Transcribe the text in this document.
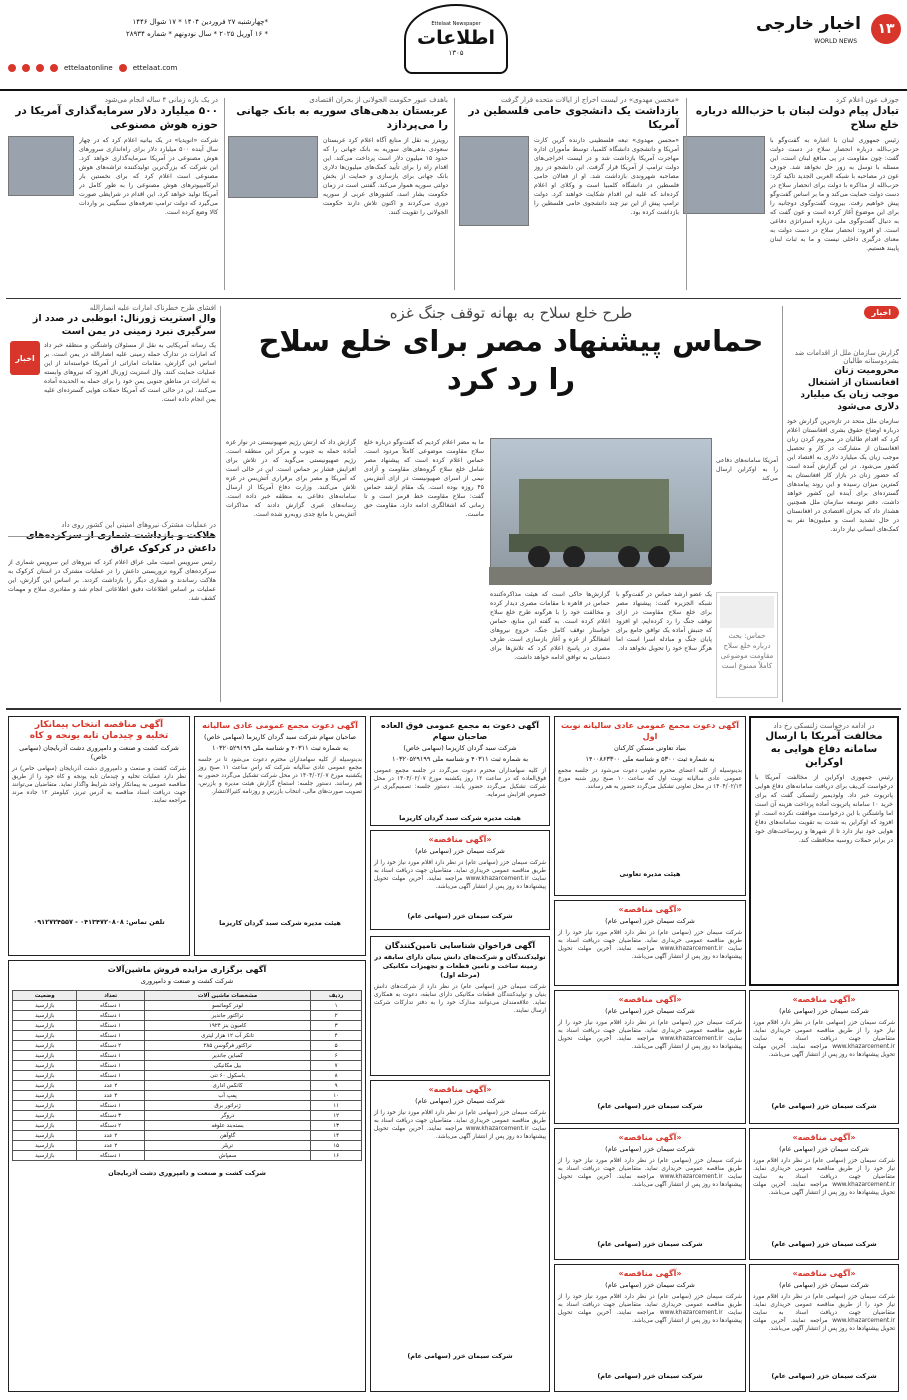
۱۳
اخبار خارجی
WORLD NEWS
Ettelaat Newspaper
اطلاعات
۱۳۰۵
*چهارشنبه ۲۷ فروردین ۱۴۰۴ * ۱۷ شوال ۱۴۴۶
* ۱۶ آوریل ۲۰۲۵ * سال نودونهم * شماره ۲۸۹۳۴
ettelaatonline	ettelaat.com
جوزف عون اعلام کرد
تبادل پیام دولت لبنان با حزب‌الله درباره خلع سلاح
رئیس جمهوری لبنان با اشاره به گفت‌وگو با حزب‌الله درباره انحصار سلاح در دست دولت گفت: چون مقاومت در پی منافع لبنان است، این مسئله با توسل به زور حل نخواهد شد. جوزف عون در مصاحبه با شبکه العربی الجدید تاکید کرد: حزب‌الله از مذاکره با دولت برای انحصار سلاح در دست دولت حمایت می‌کند و ما بر اساس گفت‌وگو پیش خواهیم رفت. بیروت گفت‌وگوی دوجانبه را برای این موضوع آغاز کرده است و عون گفت که به دنبال گفت‌وگوی ملی درباره استراتژی دفاعی است. او افزود: انحصار سلاح در دست دولت به معنای درگیری داخلی نیست و ما به ثبات لبنان پایبند هستیم.
«محسن مهدوی» در لیست اخراج از ایالات متحده قرار گرفت
بازداشت یک دانشجوی حامی فلسطین در آمریکا
«محسن مهدوی» تبعه فلسطینی دارنده گرین کارت آمریکا و دانشجوی دانشگاه کلمبیا، توسط مأموران اداره مهاجرت آمریکا بازداشت شد و در لیست اخراجی‌های دولت ترامپ از آمریکا قرار گرفت. این دانشجو در روز مصاحبه شهروندی بازداشت شد. او از فعالان حامی فلسطین در دانشگاه کلمبیا است و وکلای او اعلام کرده‌اند که علیه این اقدام شکایت خواهند کرد. دولت ترامپ پیش از این نیز چند دانشجوی حامی فلسطین را بازداشت کرده بود.
باهدف عبور حکومت الجولانی از بحران اقتصادی
عربستان بدهی‌های سوریه به بانک جهانی را می‌پردازد
رویترز به نقل از منابع آگاه اعلام کرد عربستان سعودی بدهی‌های سوریه به بانک جهانی را که حدود ۱۵ میلیون دلار است پرداخت می‌کند. این اقدام راه را برای تأیید کمک‌های میلیون‌ها دلاری بانک جهانی برای بازسازی و حمایت از بخش دولتی سوریه هموار می‌کند. گفتنی است در زمان حکومت بشار اسد، کشورهای عربی از سوریه دوری می‌کردند و اکنون تلاش دارند حکومت الجولانی را تقویت کنند.
در یک بازه زمانی ۴ ساله انجام می‌شود
۵۰۰ میلیارد دلار سرمایه‌گذاری آمریکا در حوزه هوش مصنوعی
شرکت «انویدیا» در یک بیانیه اعلام کرد که در چهار سال آینده ۵۰۰ میلیارد دلار برای راه‌اندازی سرورهای هوش مصنوعی در آمریکا سرمایه‌گذاری خواهد کرد. این شرکت که بزرگ‌ترین تولیدکننده تراشه‌های هوش مصنوعی است اعلام کرد که برای نخستین بار ابرکامپیوترهای هوش مصنوعی را به طور کامل در آمریکا تولید خواهد کرد. این اقدام در شرایطی صورت می‌گیرد که دولت ترامپ تعرفه‌های سنگینی بر واردات کالا وضع کرده است.
اخبار
گزارش سازمان ملل از اقدامات ضد بشردوستانه طالبان
محرومیت زنان افغانستان از اشتغال موجب زیان یک میلیارد دلاری می‌شود
سازمان ملل متحد در تازه‌ترین گزارش خود درباره اوضاع حقوق بشری افغانستان اعلام کرد که اقدام طالبان در محروم کردن زنان افغانستان از مشارکت در کار و تحصیل موجب زیان یک میلیارد دلاری به اقتصاد این کشور می‌شود. در این گزارش آمده است که حضور زنان در بازار کار افغانستان به کمترین میزان رسیده و این روند پیامدهای گسترده‌ای برای آینده این کشور خواهد داشت. دفتر توسعه سازمان ملل همچنین هشدار داد که بحران اقتصادی در افغانستان در حال تشدید است و میلیون‌ها نفر به کمک‌های انسانی نیاز دارند.
طرح خلع سلاح به بهانه توقف جنگ غزه
حماس پیشنهاد مصر برای خلع سلاح
را رد کرد
آمریکا سامانه‌های دفاعی را به اوکراین ارسال می‌کند
گزارش داد که ارتش رژیم صهیونیستی در نوار غزه آماده حمله به جنوب و مرکز این منطقه است. رژیم صهیونیستی می‌گوید که در تلاش برای افزایش فشار بر حماس است. این در حالی است که آمریکا و مصر برای برقراری آتش‌بس در غزه تلاش می‌کنند. وزارت دفاع آمریکا از ارسال سامانه‌های دفاعی به منطقه خبر داده است. رسانه‌های عبری گزارش دادند که مذاکرات آتش‌بس با مانع جدی روبه‌رو شده است.
ما به مصر اعلام کردیم که گفت‌وگو درباره خلع سلاح مقاومت موضوعی کاملاً مردود است. حماس اعلام کرده است که پیشنهاد مصر شامل خلع سلاح گروه‌های مقاومت و آزادی نیمی از اسرای صهیونیست در ازای آتش‌بس ۴۵ روزه بوده است. یک مقام ارشد حماس گفت: سلاح مقاومت خط قرمز است و تا زمانی که اشغالگری ادامه دارد، مقاومت حق ماست.
گزارش‌ها حاکی است که هیئت مذاکره‌کننده حماس در قاهره با مقامات مصری دیدار کرده و مخالفت خود را با هرگونه طرح خلع سلاح اعلام کرده است. به گفته این منابع، حماس خواستار توقف کامل جنگ، خروج نیروهای اشغالگر از غزه و آغاز بازسازی است. طرف مصری در پاسخ اعلام کرد که تلاش‌ها برای دستیابی به توافق ادامه خواهد داشت.
یک عضو ارشد حماس در گفت‌وگو با شبکه الجزیره گفت: پیشنهاد مصر برای خلع سلاح مقاومت در ازای توقف جنگ را رد کرده‌ایم. او افزود که جنبش آماده یک توافق جامع برای پایان جنگ و مبادله اسرا است اما هرگز سلاح خود را تحویل نخواهد داد.
حماس: بحث درباره خلع سلاح مقاومت موضوعی کاملاً ممنوع است
افشای طرح خطرناک امارات علیه انصارالله
وال استریت ژورنال: ابوظبی در صدد از سرگیری نبرد زمینی در یمن است
یک رسانه آمریکایی به نقل از مسئولان واشنگتن و منطقه خبر داد که امارات در تدارک حمله زمینی علیه انصارالله در یمن است. بر اساس این گزارش، مقامات اماراتی از آمریکا خواسته‌اند از این عملیات حمایت کنند. وال استریت ژورنال افزود که نیروهای وابسته به امارات در مناطق جنوبی یمن خود را برای حمله به الحدیده آماده می‌کنند. این در حالی است که آمریکا حملات هوایی گسترده‌ای علیه یمن انجام داده است.
اخبار
در عملیات مشترک نیروهای امنیتی این کشور روی داد
داعش در کرکوک عراق
رئیس سرویس امنیت ملی عراق اعلام کرد که نیروهای این سرویس شماری از سرکرده‌های گروه تروریستی داعش را در عملیات مشترک در استان کرکوک به هلاکت رساندند و شماری دیگر را بازداشت کردند. بر اساس این گزارش، این عملیات بر اساس اطلاعات دقیق اطلاعاتی انجام شد و مقادیری سلاح و مهمات کشف شد.
در ادامه درخواست زلنسکی رخ داد
مخالفت آمریکا با ارسال سامانه دفاع هوایی به اوکراین
رئیس جمهوری اوکراین از مخالفت آمریکا با درخواست کی‌یف برای دریافت سامانه‌های دفاع هوایی پاتریوت خبر داد. ولودیمیر زلنسکی گفت که برای خرید ۱۰ سامانه پاتریوت آماده پرداخت هزینه آن است اما واشنگتن با این درخواست موافقت نکرده است. او افزود که اوکراین به شدت به تقویت سامانه‌های دفاع هوایی خود نیاز دارد تا از شهرها و زیرساخت‌های خود در برابر حملات روسیه محافظت کند.
آگهی دعوت مجمع عمومی عادی سالیانه نوبت اول
بنیاد تعاونی مسکن کارکنان
به شماره ثبت ۵۳۰۰ و شناسه ملی ۱۴۰۰۸۶۳۳۰۰
بدینوسیله از کلیه اعضای محترم تعاونی دعوت می‌شود در جلسه مجمع عمومی عادی سالیانه نوبت اول که ساعت ۱۰ صبح روز شنبه مورخ ۱۴۰۴/۰۲/۱۳ در محل تعاونی تشکیل می‌گردد حضور به هم رسانند.
هیئت مدیره تعاونی
آگهی دعوت به مجمع عمومی فوق العاده صاحبان سهام
شرکت سبد گردان کاریزما (سهامی خاص)
به شماره ثبت ۴۰۳۱۱ و شناسه ملی ۱۰۳۲۰۵۲۹۱۹۹
از کلیه سهامداران محترم دعوت می‌گردد در جلسه مجمع عمومی فوق‌العاده که در ساعت ۱۲ روز یکشنبه مورخ ۱۴۰۴/۰۲/۰۷ در محل شرکت تشکیل می‌گردد حضور یابند. دستور جلسه: تصمیم‌گیری در خصوص افزایش سرمایه.
هیئت مدیره شرکت سبد گردان کاریزما
آگهی دعوت مجمع عمومی عادی سالیانه
صاحبان سهام شرکت سبد گردان کاریزما (سهامی خاص)
به شماره ثبت ۴۰۳۱۱ و شناسه ملی ۱۰۳۲۰۵۲۹۱۹۹
بدینوسیله از کلیه سهامداران محترم دعوت می‌شود تا در جلسه مجمع عمومی عادی سالیانه شرکت که راس ساعت ۱۱ صبح روز یکشنبه مورخ ۱۴۰۴/۰۲/۰۷ در محل شرکت تشکیل می‌گردد حضور به هم رسانند. دستور جلسه: استماع گزارش هیئت مدیره و بازرس، تصویب صورت‌های مالی، انتخاب بازرس و روزنامه کثیرالانتشار.
هیئت مدیره شرکت سبد گردان کاریزما
آگهی مناقصه انتخاب پیمانکار
تخلیه و چیدمان تایه یونجه و کاه
شرکت کشت و صنعت و دامپروری دشت آذربایجان (سهامی خاص)
شرکت کشت و صنعت و دامپروری دشت آذربایجان (سهامی خاص) در نظر دارد عملیات تخلیه و چیدمان تایه یونجه و کاه خود را از طریق مناقصه عمومی به پیمانکار واجد شرایط واگذار نماید. متقاضیان می‌توانند جهت دریافت اسناد مناقصه به آدرس تبریز، کیلومتر ۱۲ جاده مرند مراجعه نمایند.
تلفن تماس: ۰۴۱۳۴۷۲۰۸۰۸ - ۰۹۱۲۷۲۴۵۵۷
«آگهی مناقصه»
شرکت سیمان خزر (سهامی عام)
شرکت سیمان خزر (سهامی عام) در نظر دارد اقلام مورد نیاز خود را از طریق مناقصه عمومی خریداری نماید. متقاضیان جهت دریافت اسناد به سایت www.khazarcement.ir مراجعه نمایند. آخرین مهلت تحویل پیشنهادها ده روز پس از انتشار آگهی می‌باشد.
شرکت سیمان خزر (سهامی عام)
«آگهی مناقصه»
شرکت سیمان خزر (سهامی عام)
شرکت سیمان خزر (سهامی عام) در نظر دارد اقلام مورد نیاز خود را از طریق مناقصه عمومی خریداری نماید. متقاضیان جهت دریافت اسناد به سایت www.khazarcement.ir مراجعه نمایند. آخرین مهلت تحویل پیشنهادها ده روز پس از انتشار آگهی می‌باشد.
آگهی برگزاری مزایده فروش ماشین‌آلات
شرکت کشت و صنعت و دامپروری
ردیف	مشخصات ماشین آلات	تعداد	وضعیت
۱	لودر کوماتسو	۱ دستگاه	بازارسید
۲	تراکتور جاندیر	۱ دستگاه	بازارسید
۳	کامیون بنز ۱۹۲۴	۱ دستگاه	بازارسید
۴	تانکر آب ۱۲ هزار لیتری	۱ دستگاه	بازارسید
۵	تراکتور فرگوسن ۲۸۵	۲ دستگاه	بازارسید
۶	کمباین جاندیر	۱ دستگاه	بازارسید
۷	بیل مکانیکی	۱ دستگاه	بازارسید
۸	باسکول ۶۰ تنی	۱ دستگاه	بازارسید
۹	کانکس اداری	۲ عدد	بازارسید
۱۰	پمپ آب	۴ عدد	بازارسید
۱۱	ژنراتور برق	۱ دستگاه	بازارسید
۱۲	دروگر	۳ دستگاه	بازارسید
۱۳	بسته‌بند علوفه	۲ دستگاه	بازارسید
۱۴	گاوآهن	۲ عدد	بازارسید
۱۵	تریلر	۲ عدد	بازارسید
۱۶	سمپاش	۱ دستگاه	بازارسید
شرکت کشت و صنعت و دامپروری دشت آذربایجان
آگهی فراخوان شناسایی تامین‌کنندگان
تولیدکنندگان و شرکت‌های دانش بنیان دارای سابقه در زمینه ساخت و تامین قطعات و تجهیزات مکانیکی (مرحله اول)
شرکت سیمان خزر (سهامی عام) در نظر دارد از شرکت‌های دانش بنیان و تولیدکنندگان قطعات مکانیکی دارای سابقه، دعوت به همکاری نماید. علاقه‌مندان می‌توانند مدارک خود را به دفتر تدارکات شرکت ارسال نمایند.
«آگهی مناقصه»
شرکت سیمان خزر (سهامی عام)
شرکت سیمان خزر (سهامی عام) در نظر دارد اقلام مورد نیاز خود را از طریق مناقصه عمومی خریداری نماید. متقاضیان جهت دریافت اسناد به سایت www.khazarcement.ir مراجعه نمایند. آخرین مهلت تحویل پیشنهادها ده روز پس از انتشار آگهی می‌باشد.
شرکت سیمان خزر (سهامی عام)
«آگهی مناقصه»
شرکت سیمان خزر (سهامی عام)
شرکت سیمان خزر (سهامی عام) در نظر دارد اقلام مورد نیاز خود را از طریق مناقصه عمومی خریداری نماید. متقاضیان جهت دریافت اسناد به سایت www.khazarcement.ir مراجعه نمایند. آخرین مهلت تحویل پیشنهادها ده روز پس از انتشار آگهی می‌باشد.
شرکت سیمان خزر (سهامی عام)
«آگهی مناقصه»
شرکت سیمان خزر (سهامی عام)
شرکت سیمان خزر (سهامی عام) در نظر دارد اقلام مورد نیاز خود را از طریق مناقصه عمومی خریداری نماید. متقاضیان جهت دریافت اسناد به سایت www.khazarcement.ir مراجعه نمایند. آخرین مهلت تحویل پیشنهادها ده روز پس از انتشار آگهی می‌باشد.
شرکت سیمان خزر (سهامی عام)
«آگهی مناقصه»
شرکت سیمان خزر (سهامی عام)
شرکت سیمان خزر (سهامی عام) در نظر دارد اقلام مورد نیاز خود را از طریق مناقصه عمومی خریداری نماید. متقاضیان جهت دریافت اسناد به سایت www.khazarcement.ir مراجعه نمایند. آخرین مهلت تحویل پیشنهادها ده روز پس از انتشار آگهی می‌باشد.
شرکت سیمان خزر (سهامی عام)
«آگهی مناقصه»
شرکت سیمان خزر (سهامی عام)
شرکت سیمان خزر (سهامی عام) در نظر دارد اقلام مورد نیاز خود را از طریق مناقصه عمومی خریداری نماید. متقاضیان جهت دریافت اسناد به سایت www.khazarcement.ir مراجعه نمایند. آخرین مهلت تحویل پیشنهادها ده روز پس از انتشار آگهی می‌باشد.
شرکت سیمان خزر (سهامی عام)
«آگهی مناقصه»
شرکت سیمان خزر (سهامی عام)
شرکت سیمان خزر (سهامی عام) در نظر دارد اقلام مورد نیاز خود را از طریق مناقصه عمومی خریداری نماید. متقاضیان جهت دریافت اسناد به سایت www.khazarcement.ir مراجعه نمایند. آخرین مهلت تحویل پیشنهادها ده روز پس از انتشار آگهی می‌باشد.
شرکت سیمان خزر (سهامی عام)
«آگهی مناقصه»
شرکت سیمان خزر (سهامی عام)
شرکت سیمان خزر (سهامی عام) در نظر دارد اقلام مورد نیاز خود را از طریق مناقصه عمومی خریداری نماید. متقاضیان جهت دریافت اسناد به سایت www.khazarcement.ir مراجعه نمایند. آخرین مهلت تحویل پیشنهادها ده روز پس از انتشار آگهی می‌باشد.
شرکت سیمان خزر (سهامی عام)
